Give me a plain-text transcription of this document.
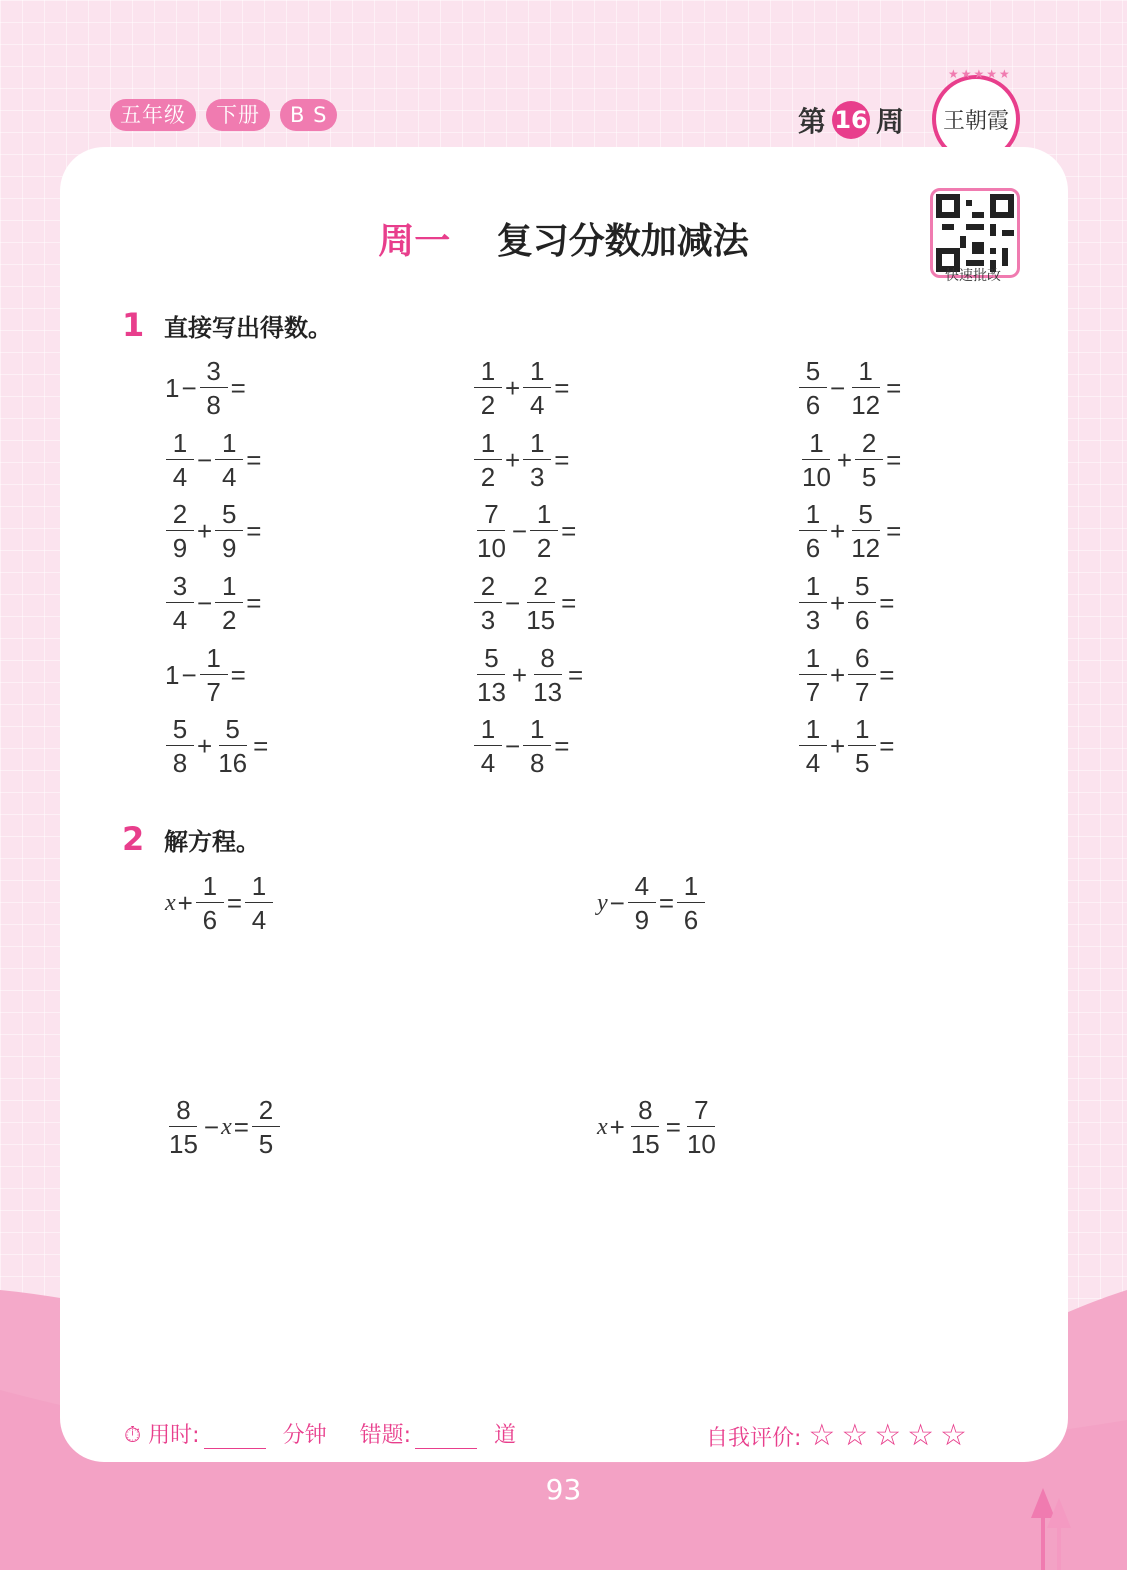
五年级	下册	B S	第 16 周
★★★★★
王朝霞
周一 复习分数加减法
快速批改
1 直接写出得数。
$1 - \frac{3}{8}$ =	$\frac{1}{2} + \frac{1}{4}$ =	$\frac{5}{6} - \frac{1}{12}$ =
$\frac{1}{4} - \frac{1}{4}$ =	$\frac{1}{2} + \frac{1}{3}$ =	$\frac{1}{10} + \frac{2}{5}$ =
$\frac{2}{9} + \frac{5}{9}$ =	$\frac{7}{10} - \frac{1}{2}$ =	$\frac{1}{6} + \frac{5}{12}$ =
$\frac{3}{4} - \frac{1}{2}$ =	$\frac{2}{3} - \frac{2}{15}$ =	$\frac{1}{3} + \frac{5}{6}$ =
$1 - \frac{1}{7}$ =	$\frac{5}{13} + \frac{8}{13}$ =	$\frac{1}{7} + \frac{6}{7}$ =
$\frac{5}{8} + \frac{5}{16}$ =	$\frac{1}{4} - \frac{1}{8}$ =	$\frac{1}{4} + \frac{1}{5}$ =
2 解方程。
$x + \frac{1}{6} = \frac{1}{4}$	$y - \frac{4}{9} = \frac{1}{6}$
$\frac{8}{15} - x = \frac{2}{5}$	$x + \frac{8}{15} = \frac{7}{10}$
⏱ 用时:	分钟 错题:	道	自我评价: ☆☆☆☆☆
93
